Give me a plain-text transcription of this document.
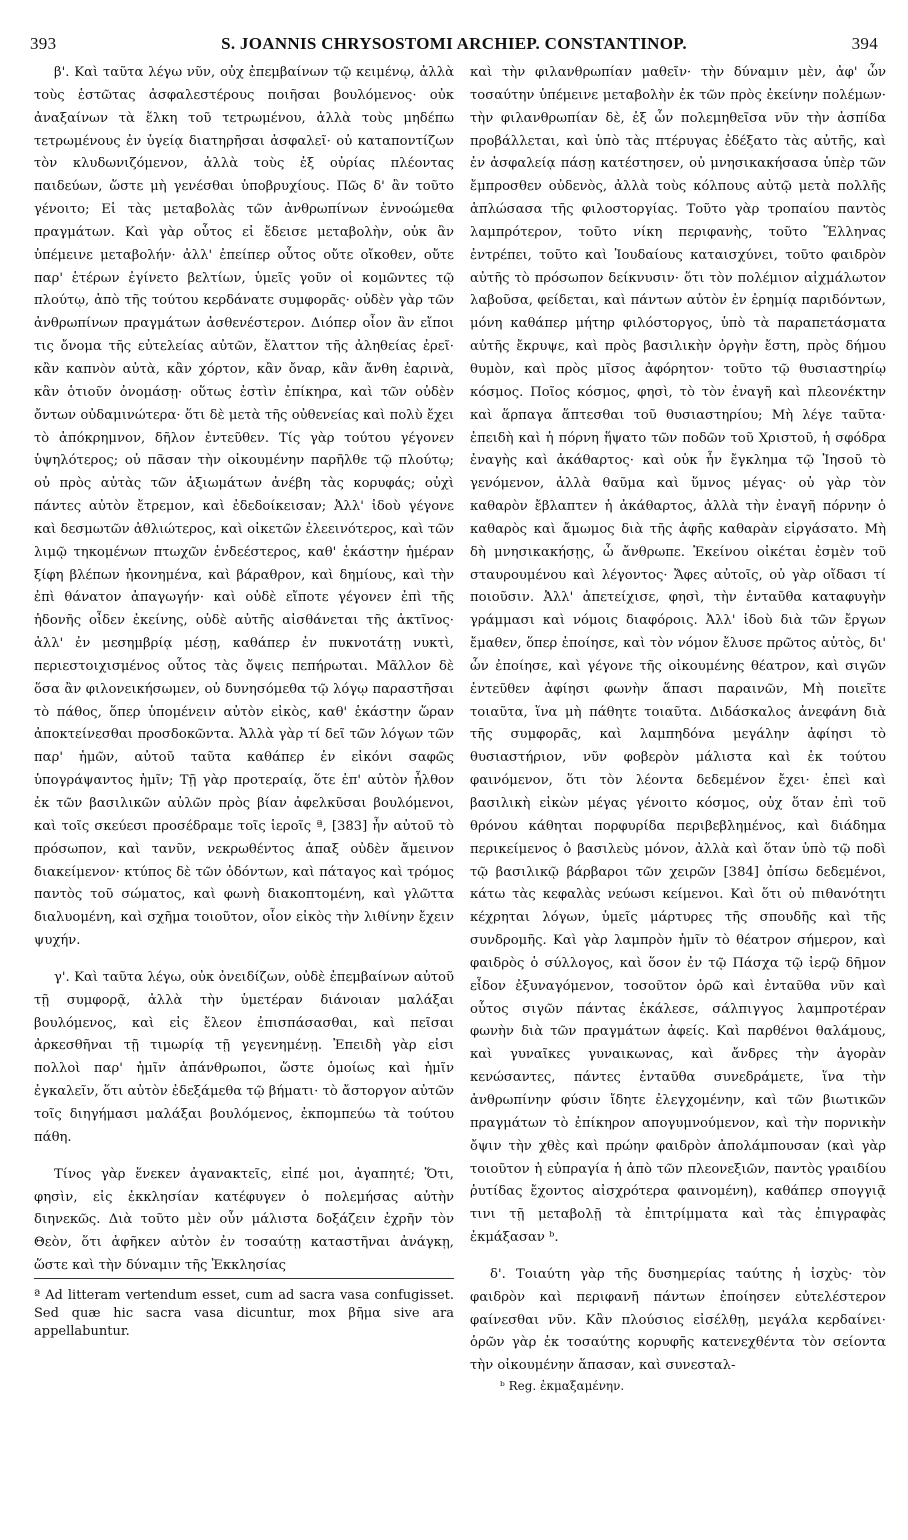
393	S. JOANNIS CHRYSOSTOMI ARCHIEP. CONSTANTINOP.	394

β'. Καὶ ταῦτα λέγω νῦν, οὐχ ἐπεμβαίνων τῷ κειμένῳ, ἀλλὰ τοὺς ἑστῶτας ἀσφαλεστέρους ποιῆσαι βουλόμενος· οὐκ ἀναξαίνων τὰ ἕλκη τοῦ τετρωμένου, ἀλλὰ τοὺς μηδέπω τετρωμένους ἐν ὑγείᾳ διατηρῆσαι ἀσφαλεῖ· οὐ καταποντίζων τὸν κλυδωνιζόμενον, ἀλλὰ τοὺς ἐξ οὐρίας πλέοντας παιδεύων, ὥστε μὴ γενέσθαι ὑποβρυχίους. Πῶς δ' ἂν τοῦτο γένοιτο; Εἰ τὰς μεταβολὰς τῶν ἀνθρωπίνων ἐννοώμεθα πραγμάτων. Καὶ γὰρ οὗτος εἰ ἔδεισε μεταβολὴν, οὐκ ἂν ὑπέμεινε μεταβολήν· ἀλλ' ἐπείπερ οὗτος οὔτε οἴκοθεν, οὔτε παρ' ἑτέρων ἐγίνετο βελτίων, ὑμεῖς γοῦν οἱ κομῶντες τῷ πλούτῳ, ἀπὸ τῆς τούτου κερδάνατε συμφορᾶς· οὐδὲν γὰρ τῶν ἀνθρωπίνων πραγμάτων ἀσθενέστερον. Διόπερ οἷον ἂν εἴποι τις ὄνομα τῆς εὐτελείας αὐτῶν, ἔλαττον τῆς ἀληθείας ἐρεῖ· κἂν καπνὸν αὐτὰ, κἂν χόρτον, κἂν ὄναρ, κἂν ἄνθη ἐαρινὰ, κἂν ὁτιοῦν ὀνομάσῃ· οὕτως ἐστὶν ἐπίκηρα, καὶ τῶν οὐδὲν ὄντων οὐδαμινώτερα· ὅτι δὲ μετὰ τῆς οὐθενείας καὶ πολὺ ἔχει τὸ ἀπόκρημνον, δῆλον ἐντεῦθεν. Τίς γὰρ τούτου γέγονεν ὑψηλότερος; οὐ πᾶσαν τὴν οἰκουμένην παρῆλθε τῷ πλούτῳ; οὐ πρὸς αὐτὰς τῶν ἀξιωμάτων ἀνέβη τὰς κορυφάς; οὐχὶ πάντες αὐτὸν ἔτρεμον, καὶ ἐδεδοίκεισαν; Ἀλλ' ἰδοὺ γέγονε καὶ δεσμωτῶν ἀθλιώτερος, καὶ οἰκετῶν ἐλεεινότερος, καὶ τῶν λιμῷ τηκομένων πτωχῶν ἐνδεέστερος, καθ' ἑκάστην ἡμέραν ξίφη βλέπων ἠκονημένα, καὶ βάραθρον, καὶ δημίους, καὶ τὴν ἐπὶ θάνατον ἀπαγωγήν· καὶ οὐδὲ εἴποτε γέγονεν ἐπὶ τῆς ἡδονῆς οἶδεν ἐκείνης, οὐδὲ αὐτῆς αἰσθάνεται τῆς ἀκτῖνος· ἀλλ' ἐν μεσημβρίᾳ μέσῃ, καθάπερ ἐν πυκνοτάτῃ νυκτὶ, περιεστοιχισμένος οὗτος τὰς ὄψεις πεπήρωται. Μᾶλλον δὲ ὅσα ἂν φιλονεικήσωμεν, οὐ δυνησόμεθα τῷ λόγῳ παραστῆσαι τὸ πάθος, ὅπερ ὑπομένειν αὐτὸν εἰκὸς, καθ' ἑκάστην ὥραν ἀποκτείνεσθαι προσδοκῶντα. Ἀλλὰ γὰρ τί δεῖ τῶν λόγων τῶν παρ' ἡμῶν, αὐτοῦ ταῦτα καθάπερ ἐν εἰκόνι σαφῶς ὑπογράψαντος ἡμῖν; Τῇ γὰρ προτεραίᾳ, ὅτε ἐπ' αὐτὸν ἦλθον ἐκ τῶν βασιλικῶν αὐλῶν πρὸς βίαν ἀφελκῦσαι βουλόμενοι, καὶ τοῖς σκεύεσι προσέδραμε τοῖς ἱεροῖς ª, [383] ἦν αὐτοῦ τὸ πρόσωπον, καὶ τανῦν, νεκρωθέντος ἁπαξ οὐδὲν ἄμεινον διακείμενον· κτύπος δὲ τῶν ὀδόντων, καὶ πάταγος καὶ τρόμος παντὸς τοῦ σώματος, καὶ φωνὴ διακοπτομένη, καὶ γλῶττα διαλυομένη, καὶ σχῆμα τοιοῦτον, οἷον εἰκὸς τὴν λιθίνην ἔχειν ψυχήν.

γ'. Καὶ ταῦτα λέγω, οὐκ ὀνειδίζων, οὐδὲ ἐπεμβαίνων αὐτοῦ τῇ συμφορᾷ, ἀλλὰ τὴν ὑμετέραν διάνοιαν μαλάξαι βουλόμενος, καὶ εἰς ἔλεον ἐπισπάσασθαι, καὶ πεῖσαι ἀρκεσθῆναι τῇ τιμωρίᾳ τῇ γεγενημένῃ. Ἐπειδὴ γὰρ εἰσι πολλοὶ παρ' ἡμῖν ἀπάνθρωποι, ὥστε ὁμοίως καὶ ἡμῖν ἐγκαλεῖν, ὅτι αὐτὸν ἐδεξάμεθα τῷ βήματι· τὸ ἄστοργον αὐτῶν τοῖς διηγήμασι μαλάξαι βουλόμενος, ἐκπομπεύω τὰ τούτου πάθη.

Τίνος γὰρ ἕνεκεν ἀγανακτεῖς, εἰπέ μοι, ἀγαπητέ; Ὅτι, φησὶν, εἰς ἐκκλησίαν κατέφυγεν ὁ πολεμήσας αὐτὴν διηνεκῶς. Διὰ τοῦτο μὲν οὖν μάλιστα δοξάζειν ἐχρῆν τὸν Θεὸν, ὅτι ἀφῆκεν αὐτὸν ἐν τοσαύτῃ καταστῆναι ἀνάγκῃ, ὥστε καὶ τὴν δύναμιν τῆς Ἐκκλησίας

ª Ad litteram vertendum esset, cum ad sacra vasa confugisset. Sed quæ hic sacra vasa dicuntur, mox βῆμα sive ara appellabuntur.

καὶ τὴν φιλανθρωπίαν μαθεῖν· τὴν δύναμιν μὲν, ἀφ' ὧν τοσαύτην ὑπέμεινε μεταβολὴν ἐκ τῶν πρὸς ἐκείνην πολέμων· τὴν φιλανθρωπίαν δὲ, ἐξ ὧν πολεμηθεῖσα νῦν τὴν ἀσπίδα προβάλλεται, καὶ ὑπὸ τὰς πτέρυγας ἐδέξατο τὰς αὐτῆς, καὶ ἐν ἀσφαλείᾳ πάσῃ κατέστησεν, οὐ μνησικακήσασα ὑπὲρ τῶν ἔμπροσθεν οὐδενὸς, ἀλλὰ τοὺς κόλπους αὐτῷ μετὰ πολλῆς ἁπλώσασα τῆς φιλοστοργίας. Τοῦτο γὰρ τροπαίου παντὸς λαμπρότερον, τοῦτο νίκη περιφανὴς, τοῦτο Ἕλληνας ἐντρέπει, τοῦτο καὶ Ἰουδαίους καταισχύνει, τοῦτο φαιδρὸν αὐτῆς τὸ πρόσωπον δείκνυσιν· ὅτι τὸν πολέμιον αἰχμάλωτον λαβοῦσα, φείδεται, καὶ πάντων αὐτὸν ἐν ἐρημίᾳ παριδόντων, μόνη καθάπερ μήτηρ φιλόστοργος, ὑπὸ τὰ παραπετάσματα αὐτῆς ἔκρυψε, καὶ πρὸς βασιλικὴν ὀργὴν ἔστη, πρὸς δήμου θυμὸν, καὶ πρὸς μῖσος ἀφόρητον· τοῦτο τῷ θυσιαστηρίῳ κόσμος. Ποῖος κόσμος, φησὶ, τὸ τὸν ἐναγῆ καὶ πλεονέκτην καὶ ἅρπαγα ἅπτεσθαι τοῦ θυσιαστηρίου; Μὴ λέγε ταῦτα· ἐπειδὴ καὶ ἡ πόρνη ἥψατο τῶν ποδῶν τοῦ Χριστοῦ, ἡ σφόδρα ἐναγὴς καὶ ἀκάθαρτος· καὶ οὐκ ἦν ἔγκλημα τῷ Ἰησοῦ τὸ γενόμενον, ἀλλὰ θαῦμα καὶ ὕμνος μέγας· οὐ γὰρ τὸν καθαρὸν ἔβλαπτεν ἡ ἀκάθαρτος, ἀλλὰ τὴν ἐναγῆ πόρνην ὁ καθαρὸς καὶ ἄμωμος διὰ τῆς ἀφῆς καθαρὰν εἰργάσατο. Μὴ δὴ μνησικακήσῃς, ὦ ἄνθρωπε. Ἐκείνου οἰκέται ἐσμὲν τοῦ σταυρουμένου καὶ λέγοντος· Ἄφες αὐτοῖς, οὐ γὰρ οἴδασι τί ποιοῦσιν. Ἀλλ' ἀπετείχισε, φησὶ, τὴν ἐνταῦθα καταφυγὴν γράμμασι καὶ νόμοις διαφόροις. Ἀλλ' ἰδοὺ διὰ τῶν ἔργων ἔμαθεν, ὅπερ ἐποίησε, καὶ τὸν νόμον ἔλυσε πρῶτος αὐτὸς, δι' ὧν ἐποίησε, καὶ γέγονε τῆς οἰκουμένης θέατρον, καὶ σιγῶν ἐντεῦθεν ἀφίησι φωνὴν ἅπασι παραινῶν, Μὴ ποιεῖτε τοιαῦτα, ἵνα μὴ πάθητε τοιαῦτα. Διδάσκαλος ἀνεφάνη διὰ τῆς συμφορᾶς, καὶ λαμπηδόνα μεγάλην ἀφίησι τὸ θυσιαστήριον, νῦν φοβερὸν μάλιστα καὶ ἐκ τούτου φαινόμενον, ὅτι τὸν λέοντα δεδεμένον ἔχει· ἐπεὶ καὶ βασιλικὴ εἰκὼν μέγας γένοιτο κόσμος, οὐχ ὅταν ἐπὶ τοῦ θρόνου κάθηται πορφυρίδα περιβεβλημένος, καὶ διάδημα περικείμενος ὁ βασιλεὺς μόνον, ἀλλὰ καὶ ὅταν ὑπὸ τῷ ποδὶ τῷ βασιλικῷ βάρβαροι τῶν χειρῶν [384] ὀπίσω δεδεμένοι, κάτω τὰς κεφαλὰς νεύωσι κείμενοι. Καὶ ὅτι οὐ πιθανότητι κέχρηται λόγων, ὑμεῖς μάρτυρες τῆς σπουδῆς καὶ τῆς συνδρομῆς. Καὶ γὰρ λαμπρὸν ἡμῖν τὸ θέατρον σήμερον, καὶ φαιδρὸς ὁ σύλλογος, καὶ ὅσον ἐν τῷ Πάσχα τῷ ἱερῷ δῆμον εἶδον ἐξυναγόμενον, τοσοῦτον ὁρῶ καὶ ἐνταῦθα νῦν καὶ οὗτος σιγῶν πάντας ἐκάλεσε, σάλπιγγος λαμπροτέραν φωνὴν διὰ τῶν πραγμάτων ἀφείς. Καὶ παρθένοι θαλάμους, καὶ γυναῖκες γυναικωνας, καὶ ἄνδρες τὴν ἀγορὰν κενώσαντες, πάντες ἐνταῦθα συνεδράμετε, ἵνα τὴν ἀνθρωπίνην φύσιν ἴδητε ἐλεγχομένην, καὶ τῶν βιωτικῶν πραγμάτων τὸ ἐπίκηρον απογυμνούμενον, καὶ τὴν πορνικὴν ὄψιν τὴν χθὲς καὶ πρώην φαιδρὸν ἀπολάμπουσαν (καὶ γὰρ τοιοῦτον ἡ εὐπραγία ἡ ἀπὸ τῶν πλεονεξιῶν, παντὸς γραιδίου ῥυτίδας ἔχοντος αἰσχρότερα φαινομένη), καθάπερ σπογγιᾷ τινι τῇ μεταβολῇ τὰ ἐπιτρίμματα καὶ τὰς ἐπιγραφὰς ἐκμάξασαν ᵇ.

δ'. Τοιαύτη γὰρ τῆς δυσημερίας ταύτης ἡ ἰσχὺς· τὸν φαιδρὸν καὶ περιφανῆ πάντων ἐποίησεν εὐτελέστερον φαίνεσθαι νῦν. Κἂν πλούσιος εἰσέλθῃ, μεγάλα κερδαίνει· ὁρῶν γὰρ ἐκ τοσαύτης κορυφῆς κατενεχθέντα τὸν σείοντα τὴν οἰκουμένην ἅπασαν, καὶ συνεσταλ-

ᵇ Reg. ἐκμαξαμένην.
